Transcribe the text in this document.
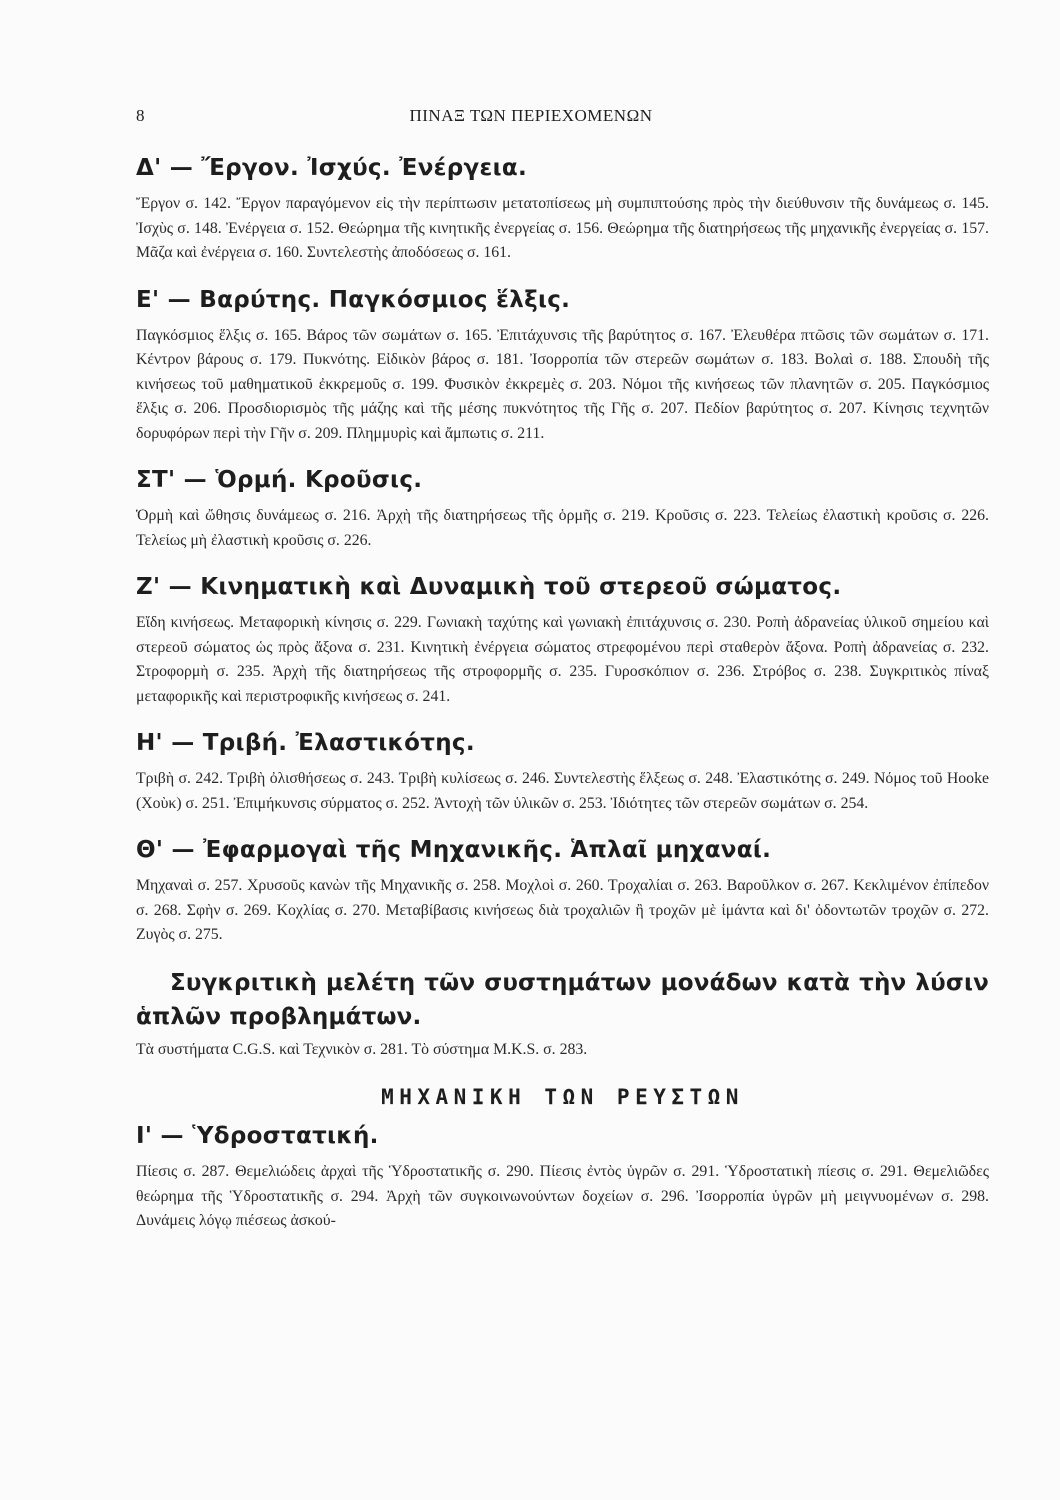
8	ΠΙΝΑΞ ΤΩΝ ΠΕΡΙΕΧΟΜΕΝΩΝ
Δ' — Ἔργον. Ἰσχύς. Ἐνέργεια.

Ἔργον σ. 142. Ἔργον παραγόμενον εἰς τὴν περίπτωσιν μετατοπίσεως μὴ συμπιπτούσης πρὸς τὴν διεύθυνσιν τῆς δυνάμεως σ. 145. Ἰσχὺς σ. 148. Ἐνέργεια σ. 152. Θεώρημα τῆς κινητικῆς ἐνεργείας σ. 156. Θεώρημα τῆς διατηρήσεως τῆς μηχανικῆς ἐνεργείας σ. 157. Μᾶζα καὶ ἐνέργεια σ. 160. Συντελεστὴς ἀποδόσεως σ. 161.

Ε' — Βαρύτης. Παγκόσμιος ἕλξις.

Παγκόσμιος ἕλξις σ. 165. Βάρος τῶν σωμάτων σ. 165. Ἐπιτάχυνσις τῆς βαρύτητος σ. 167. Ἐλευθέρα πτῶσις τῶν σωμάτων σ. 171. Κέντρον βάρους σ. 179. Πυκνότης. Εἰδικὸν βάρος σ. 181. Ἰσορροπία τῶν στερεῶν σωμάτων σ. 183. Βολαὶ σ. 188. Σπουδὴ τῆς κινήσεως τοῦ μαθηματικοῦ ἐκκρεμοῦς σ. 199. Φυσικὸν ἐκκρεμὲς σ. 203. Νόμοι τῆς κινήσεως τῶν πλανητῶν σ. 205. Παγκόσμιος ἕλξις σ. 206. Προσδιορισμὸς τῆς μάζης καὶ τῆς μέσης πυκνότητος τῆς Γῆς σ. 207. Πεδίον βαρύτητος σ. 207. Κίνησις τεχνητῶν δορυφόρων περὶ τὴν Γῆν σ. 209. Πλημμυρὶς καὶ ἄμπωτις σ. 211.

ΣΤ' — Ὁρμή. Κροῦσις.

Ὁρμὴ καὶ ὤθησις δυνάμεως σ. 216. Ἀρχὴ τῆς διατηρήσεως τῆς ὁρμῆς σ. 219. Κροῦσις σ. 223. Τελείως ἐλαστικὴ κροῦσις σ. 226. Τελείως μὴ ἐλαστικὴ κροῦσις σ. 226.

Ζ' — Κινηματικὴ καὶ Δυναμικὴ τοῦ στερεοῦ σώματος.

Εἴδη κινήσεως. Μεταφορικὴ κίνησις σ. 229. Γωνιακὴ ταχύτης καὶ γωνιακὴ ἐπιτάχυνσις σ. 230. Ροπὴ ἀδρανείας ὑλικοῦ σημείου καὶ στερεοῦ σώματος ὡς πρὸς ἄξονα σ. 231. Κινητικὴ ἐνέργεια σώματος στρεφομένου περὶ σταθερὸν ἄξονα. Ροπὴ ἀδρανείας σ. 232. Στροφορμὴ σ. 235. Ἀρχὴ τῆς διατηρήσεως τῆς στροφορμῆς σ. 235. Γυροσκόπιον σ. 236. Στρόβος σ. 238. Συγκριτικὸς πίναξ μεταφορικῆς καὶ περιστροφικῆς κινήσεως σ. 241.

Η' — Τριβή. Ἐλαστικότης.

Τριβὴ σ. 242. Τριβὴ ὀλισθήσεως σ. 243. Τριβὴ κυλίσεως σ. 246. Συντελεστὴς ἕλξεως σ. 248. Ἐλαστικότης σ. 249. Νόμος τοῦ Hooke (Χοὺκ) σ. 251. Ἐπιμήκυνσις σύρματος σ. 252. Ἀντοχὴ τῶν ὑλικῶν σ. 253. Ἰδιότητες τῶν στερεῶν σωμάτων σ. 254.

Θ' — Ἐφαρμογαὶ τῆς Μηχανικῆς. Ἁπλαῖ μηχαναί.

Μηχαναὶ σ. 257. Χρυσοῦς κανὼν τῆς Μηχανικῆς σ. 258. Μοχλοὶ σ. 260. Τροχαλίαι σ. 263. Βαροῦλκον σ. 267. Κεκλιμένον ἐπίπεδον σ. 268. Σφὴν σ. 269. Κοχλίας σ. 270. Μεταβίβασις κινήσεως διὰ τροχαλιῶν ἢ τροχῶν μὲ ἱμάντα καὶ δι' ὀδοντωτῶν τροχῶν σ. 272. Ζυγὸς σ. 275.

Συγκριτικὴ μελέτη τῶν συστημάτων μονάδων κατὰ τὴν λύσιν ἁπλῶν προβλημάτων.

Τὰ συστήματα C.G.S. καὶ Τεχνικὸν σ. 281. Τὸ σύστημα M.K.S. σ. 283.

ΜΗΧΑΝΙΚΗ ΤΩΝ ΡΕΥΣΤΩΝ
Ι' — Ὑδροστατική.

Πίεσις σ. 287. Θεμελιώδεις ἀρχαὶ τῆς Ὑδροστατικῆς σ. 290. Πίεσις ἐντὸς ὑγρῶν σ. 291. Ὑδροστατικὴ πίεσις σ. 291. Θεμελιῶδες θεώρημα τῆς Ὑδροστατικῆς σ. 294. Ἀρχὴ τῶν συγκοινωνούντων δοχείων σ. 296. Ἰσορροπία ὑγρῶν μὴ μειγνυομένων σ. 298. Δυνάμεις λόγῳ πιέσεως ἀσκού-
